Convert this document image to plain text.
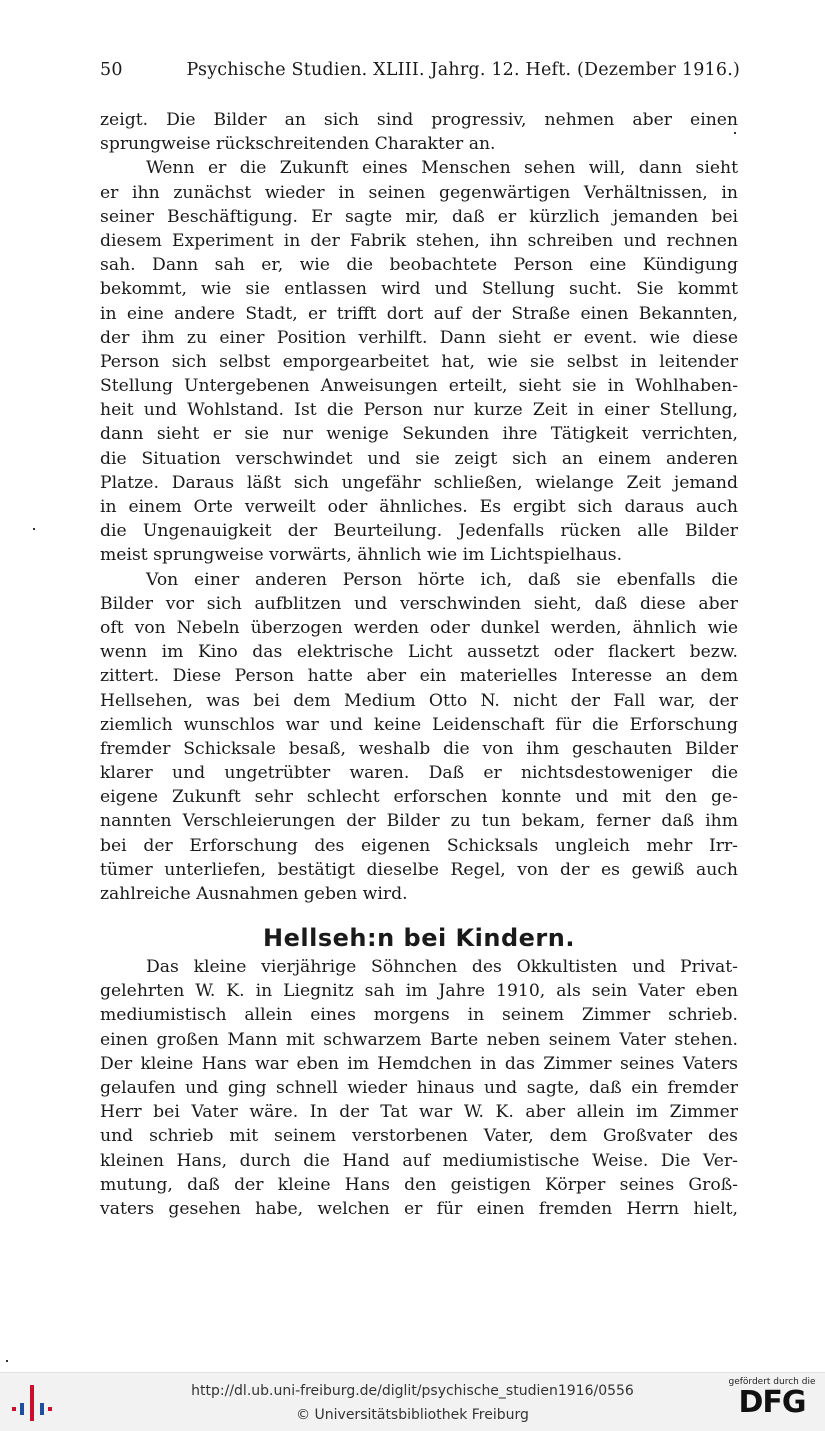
50	Psychische Studien. XLIII. Jahrg. 12. Heft. (Dezember 1916.)
zeigt. Die Bilder an sich sind progressiv, nehmen aber einen
sprungweise rückschreitenden Charakter an.
Wenn er die Zukunft eines Menschen sehen will, dann sieht
er ihn zunächst wieder in seinen gegenwärtigen Verhältnissen, in
seiner Beschäftigung. Er sagte mir, daß er kürzlich jemanden bei
diesem Experiment in der Fabrik stehen, ihn schreiben und rechnen
sah. Dann sah er, wie die beobachtete Person eine Kündigung
bekommt, wie sie entlassen wird und Stellung sucht. Sie kommt
in eine andere Stadt, er trifft dort auf der Straße einen Bekannten,
der ihm zu einer Position verhilft. Dann sieht er event. wie diese
Person sich selbst emporgearbeitet hat, wie sie selbst in leitender
Stellung Untergebenen Anweisungen erteilt, sieht sie in Wohlhaben-
heit und Wohlstand. Ist die Person nur kurze Zeit in einer Stellung,
dann sieht er sie nur wenige Sekunden ihre Tätigkeit verrichten,
die Situation verschwindet und sie zeigt sich an einem anderen
Platze. Daraus läßt sich ungefähr schließen, wielange Zeit jemand
in einem Orte verweilt oder ähnliches. Es ergibt sich daraus auch
die Ungenauigkeit der Beurteilung. Jedenfalls rücken alle Bilder
meist sprungweise vorwärts, ähnlich wie im Lichtspielhaus.
Von einer anderen Person hörte ich, daß sie ebenfalls die
Bilder vor sich aufblitzen und verschwinden sieht, daß diese aber
oft von Nebeln überzogen werden oder dunkel werden, ähnlich wie
wenn im Kino das elektrische Licht aussetzt oder flackert bezw.
zittert. Diese Person hatte aber ein materielles Interesse an dem
Hellsehen, was bei dem Medium Otto N. nicht der Fall war, der
ziemlich wunschlos war und keine Leidenschaft für die Erforschung
fremder Schicksale besaß, weshalb die von ihm geschauten Bilder
klarer und ungetrübter waren. Daß er nichtsdestoweniger die
eigene Zukunft sehr schlecht erforschen konnte und mit den ge-
nannten Verschleierungen der Bilder zu tun bekam, ferner daß ihm
bei der Erforschung des eigenen Schicksals ungleich mehr Irr-
tümer unterliefen, bestätigt dieselbe Regel, von der es gewiß auch
zahlreiche Ausnahmen geben wird.
Hellseh:n bei Kindern.
Das kleine vierjährige Söhnchen des Okkultisten und Privat-
gelehrten W. K. in Liegnitz sah im Jahre 1910, als sein Vater eben
mediumistisch allein eines morgens in seinem Zimmer schrieb.
einen großen Mann mit schwarzem Barte neben seinem Vater stehen.
Der kleine Hans war eben im Hemdchen in das Zimmer seines Vaters
gelaufen und ging schnell wieder hinaus und sagte, daß ein fremder
Herr bei Vater wäre. In der Tat war W. K. aber allein im Zimmer
und schrieb mit seinem verstorbenen Vater, dem Großvater des
kleinen Hans, durch die Hand auf mediumistische Weise. Die Ver-
mutung, daß der kleine Hans den geistigen Körper seines Groß-
vaters gesehen habe, welchen er für einen fremden Herrn hielt,
http://dl.ub.uni-freiburg.de/diglit/psychische_studien1916/0556
© Universitätsbibliothek Freiburg
gefördert durch die
DFG
